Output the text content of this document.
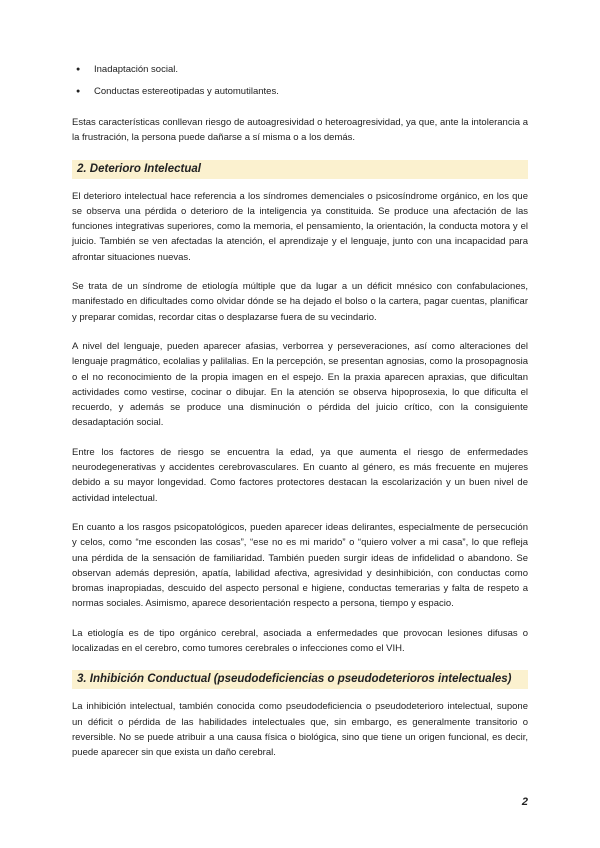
● Inadaptación social.
● Conductas estereotipadas y automutilantes.

Estas características conllevan riesgo de autoagresividad o heteroagresividad, ya que, ante la intolerancia a la frustración, la persona puede dañarse a sí misma o a los demás.

2. Deterioro Intelectual

El deterioro intelectual hace referencia a los síndromes demenciales o psicosíndrome orgánico, en los que se observa una pérdida o deterioro de la inteligencia ya constituida. Se produce una afectación de las funciones integrativas superiores, como la memoria, el pensamiento, la orientación, la conducta motora y el juicio. También se ven afectadas la atención, el aprendizaje y el lenguaje, junto con una incapacidad para afrontar situaciones nuevas.

Se trata de un síndrome de etiología múltiple que da lugar a un déficit mnésico con confabulaciones, manifestado en dificultades como olvidar dónde se ha dejado el bolso o la cartera, pagar cuentas, planificar y preparar comidas, recordar citas o desplazarse fuera de su vecindario.

A nivel del lenguaje, pueden aparecer afasias, verborrea y perseveraciones, así como alteraciones del lenguaje pragmático, ecolalias y palilalias. En la percepción, se presentan agnosias, como la prosopagnosia o el no reconocimiento de la propia imagen en el espejo. En la praxia aparecen apraxias, que dificultan actividades como vestirse, cocinar o dibujar. En la atención se observa hipoprosexia, lo que dificulta el recuerdo, y además se produce una disminución o pérdida del juicio crítico, con la consiguiente desadaptación social.

Entre los factores de riesgo se encuentra la edad, ya que aumenta el riesgo de enfermedades neurodegenerativas y accidentes cerebrovasculares. En cuanto al género, es más frecuente en mujeres debido a su mayor longevidad. Como factores protectores destacan la escolarización y un buen nivel de actividad intelectual.

En cuanto a los rasgos psicopatológicos, pueden aparecer ideas delirantes, especialmente de persecución y celos, como “me esconden las cosas”, “ese no es mi marido” o “quiero volver a mi casa”, lo que refleja una pérdida de la sensación de familiaridad. También pueden surgir ideas de infidelidad o abandono. Se observan además depresión, apatía, labilidad afectiva, agresividad y desinhibición, con conductas como bromas inapropiadas, descuido del aspecto personal e higiene, conductas temerarias y falta de respeto a normas sociales. Asimismo, aparece desorientación respecto a persona, tiempo y espacio.

La etiología es de tipo orgánico cerebral, asociada a enfermedades que provocan lesiones difusas o localizadas en el cerebro, como tumores cerebrales o infecciones como el VIH.

3. Inhibición Conductual (pseudodeficiencias o pseudodeterioros intelectuales)

La inhibición intelectual, también conocida como pseudodeficiencia o pseudodeterioro intelectual, supone un déficit o pérdida de las habilidades intelectuales que, sin embargo, es generalmente transitorio o reversible. No se puede atribuir a una causa física o biológica, sino que tiene un origen funcional, es decir, puede aparecer sin que exista un daño cerebral.

2
